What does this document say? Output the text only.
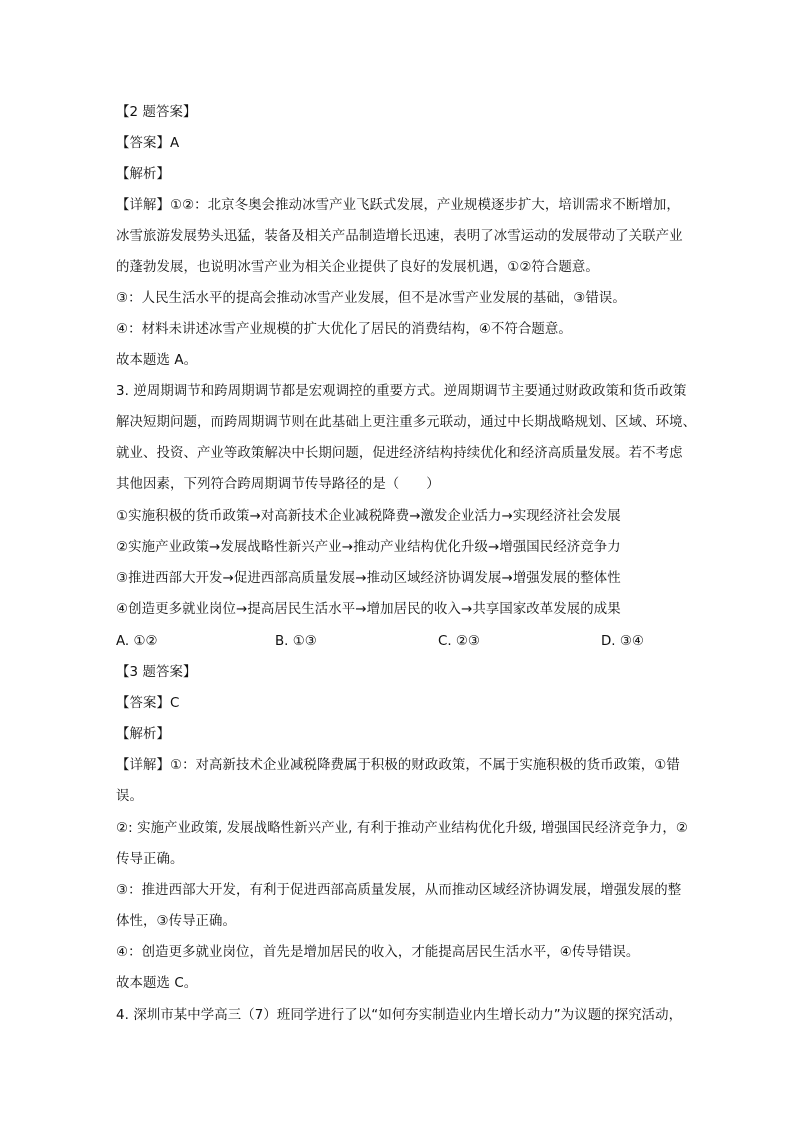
【2 题答案】
【答案】A
【解析】
【详解】①②：北京冬奥会推动冰雪产业飞跃式发展，产业规模逐步扩大，培训需求不断增加，
冰雪旅游发展势头迅猛，装备及相关产品制造增长迅速，表明了冰雪运动的发展带动了关联产业
的蓬勃发展，也说明冰雪产业为相关企业提供了良好的发展机遇，①②符合题意。
③：人民生活水平的提高会推动冰雪产业发展，但不是冰雪产业发展的基础，③错误。
④：材料未讲述冰雪产业规模的扩大优化了居民的消费结构，④不符合题意。
故本题选 A。
3. 逆周期调节和跨周期调节都是宏观调控的重要方式。逆周期调节主要通过财政政策和货币政策
解决短期问题，而跨周期调节则在此基础上更注重多元联动，通过中长期战略规划、区域、环境、
就业、投资、产业等政策解决中长期问题，促进经济结构持续优化和经济高质量发展。若不考虑
其他因素，下列符合跨周期调节传导路径的是（　　）
①实施积极的货币政策→对高新技术企业减税降费→激发企业活力→实现经济社会发展
②实施产业政策→发展战略性新兴产业→推动产业结构优化升级→增强国民经济竞争力
③推进西部大开发→促进西部高质量发展→推动区域经济协调发展→增强发展的整体性
④创造更多就业岗位→提高居民生活水平→增加居民的收入→共享国家改革发展的成果
A. ①②	B. ①③	C. ②③	D. ③④
【3 题答案】
【答案】C
【解析】
【详解】①：对高新技术企业减税降费属于积极的财政政策，不属于实施积极的货币政策，①错
误。
②: 实施产业政策, 发展战略性新兴产业, 有利于推动产业结构优化升级, 增强国民经济竞争力，②
传导正确。
③：推进西部大开发，有利于促进西部高质量发展，从而推动区域经济协调发展，增强发展的整
体性，③传导正确。
④：创造更多就业岗位，首先是增加居民的收入，才能提高居民生活水平，④传导错误。
故本题选 C。
4. 深圳市某中学高三（7）班同学进行了以“如何夯实制造业内生增长动力”为议题的探究活动，
